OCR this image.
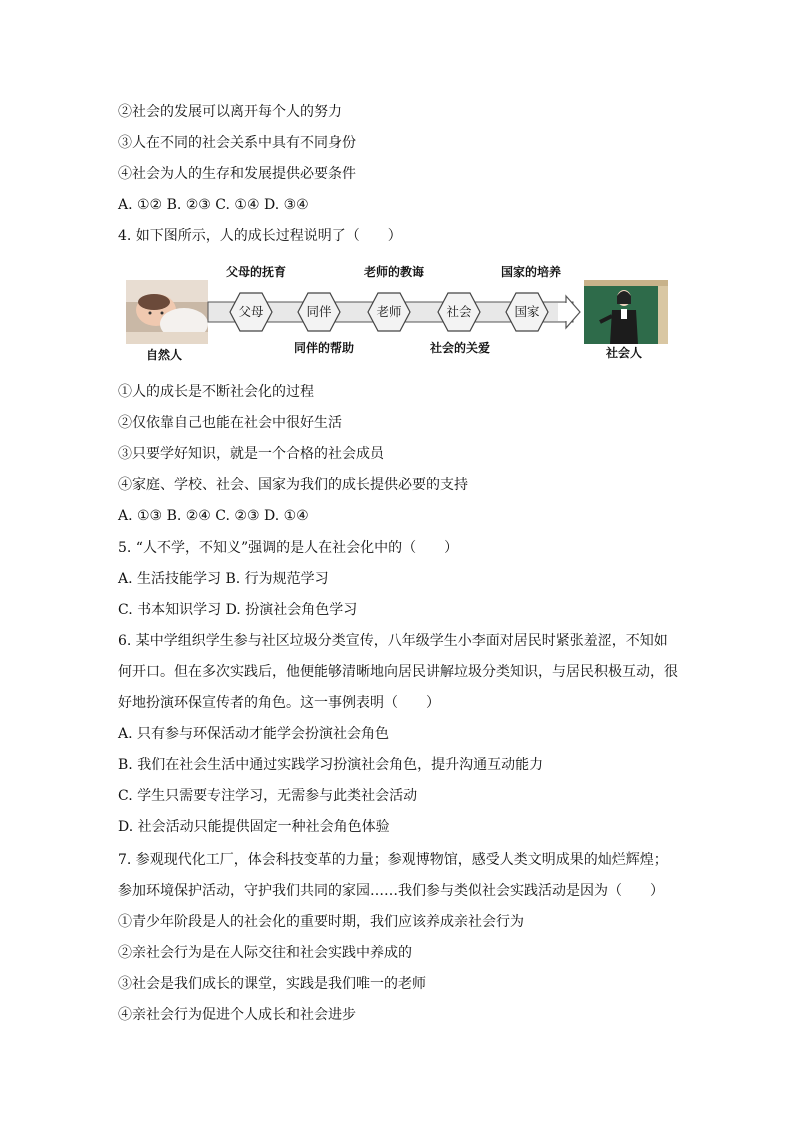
②社会的发展可以离开每个人的努力
③人在不同的社会关系中具有不同身份
④社会为人的生存和发展提供必要条件
A. ①② B. ②③ C. ①④ D. ③④
4. 如下图所示，人的成长过程说明了（　　）
自然人
父母	同伴	老师	社会	国家
父母的抚育	老师的教诲	国家的培养
同伴的帮助	社会的关爱	社会人
①人的成长是不断社会化的过程
②仅依靠自己也能在社会中很好生活
③只要学好知识，就是一个合格的社会成员
④家庭、学校、社会、国家为我们的成长提供必要的支持
A. ①③ B. ②④ C. ②③ D. ①④
5. “人不学，不知义”强调的是人在社会化中的（　　）
A. 生活技能学习 B. 行为规范学习
C. 书本知识学习 D. 扮演社会角色学习
6. 某中学组织学生参与社区垃圾分类宣传，八年级学生小李面对居民时紧张羞涩，不知如
何开口。但在多次实践后，他便能够清晰地向居民讲解垃圾分类知识，与居民积极互动，很
好地扮演环保宣传者的角色。这一事例表明（　　）
A. 只有参与环保活动才能学会扮演社会角色
B. 我们在社会生活中通过实践学习扮演社会角色，提升沟通互动能力
C. 学生只需要专注学习，无需参与此类社会活动
D. 社会活动只能提供固定一种社会角色体验
7. 参观现代化工厂，体会科技变革的力量；参观博物馆，感受人类文明成果的灿烂辉煌；
参加环境保护活动，守护我们共同的家园……我们参与类似社会实践活动是因为（　　）
①青少年阶段是人的社会化的重要时期，我们应该养成亲社会行为
②亲社会行为是在人际交往和社会实践中养成的
③社会是我们成长的课堂，实践是我们唯一的老师
④亲社会行为促进个人成长和社会进步
